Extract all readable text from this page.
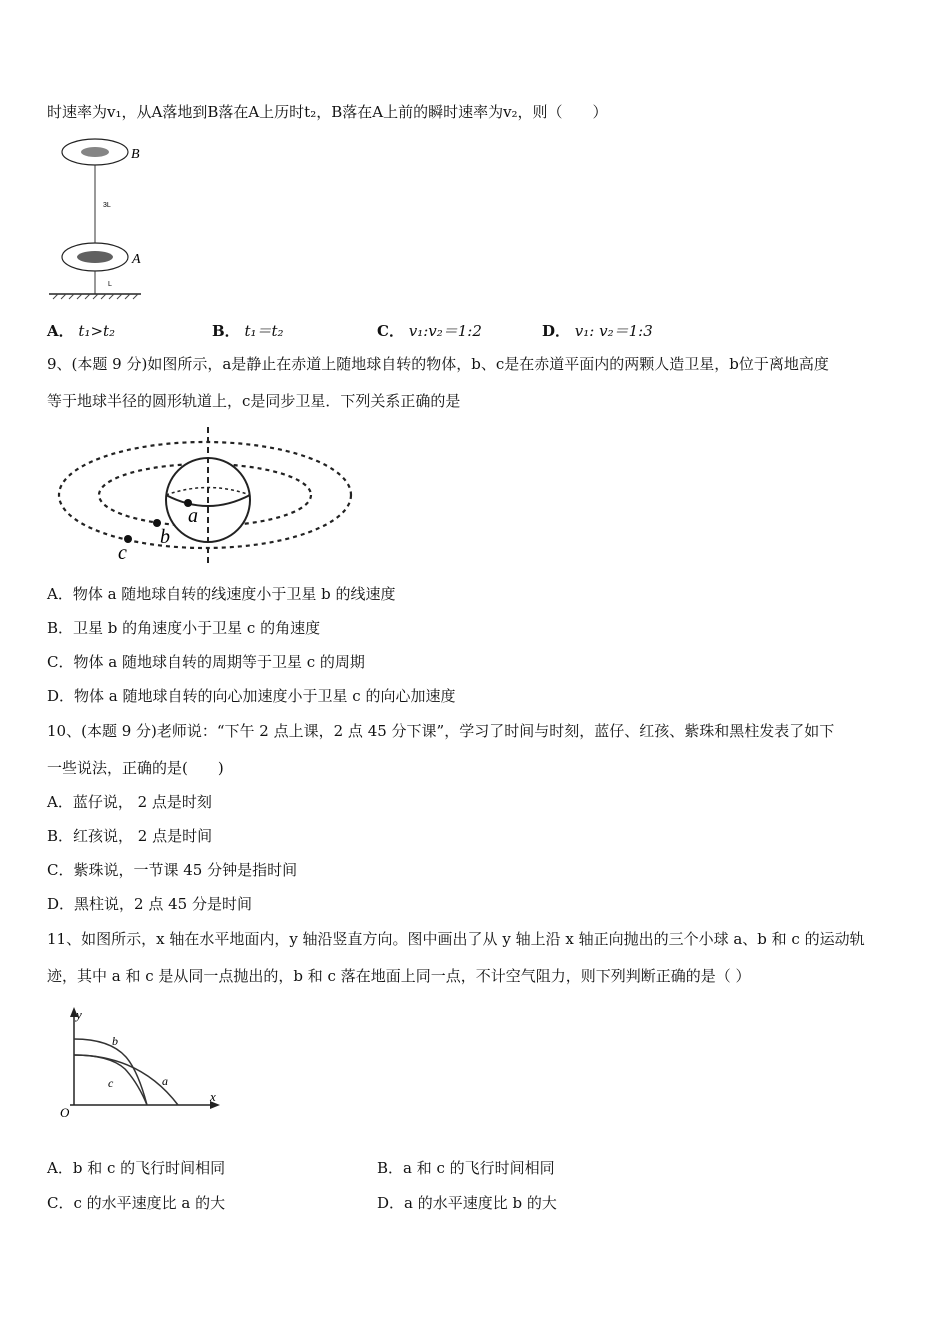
时速率为v₁，从A落地到B落在A上历时t₂，B落在A上前的瞬时速率为v₂，则（　　）
B
A
3L
L
A． t₁>t₂	B． t₁＝t₂	C． v₁:v₂＝1:2	D． v₁: v₂＝1:3
9、(本题 9 分)如图所示，a是静止在赤道上随地球自转的物体，b、c是在赤道平面内的两颗人造卫星，b位于离地高度
等于地球半径的圆形轨道上，c是同步卫星．下列关系正确的是
a
b
c
A．物体 a 随地球自转的线速度小于卫星 b 的线速度
B．卫星 b 的角速度小于卫星 c 的角速度
C．物体 a 随地球自转的周期等于卫星 c 的周期
D．物体 a 随地球自转的向心加速度小于卫星 c 的向心加速度
10、(本题 9 分)老师说：“下午 2 点上课，2 点 45 分下课”，学习了时间与时刻，蓝仔、红孩、紫珠和黑柱发表了如下
一些说法，正确的是(　　)
A．蓝仔说， 2 点是时刻
B．红孩说， 2 点是时间
C．紫珠说，一节课 45 分钟是指时间
D．黑柱说，2 点 45 分是时间
11、如图所示，x 轴在水平地面内，y 轴沿竖直方向。图中画出了从 y 轴上沿 x 轴正向抛出的三个小球 a、b 和 c 的运动轨
迹，其中 a 和 c 是从同一点抛出的，b 和 c 落在地面上同一点，不计空气阻力，则下列判断正确的是（ ）
y
x
O
b
a
c
A．b 和 c 的飞行时间相同	B．a 和 c 的飞行时间相同
C．c 的水平速度比 a 的大	D．a 的水平速度比 b 的大
